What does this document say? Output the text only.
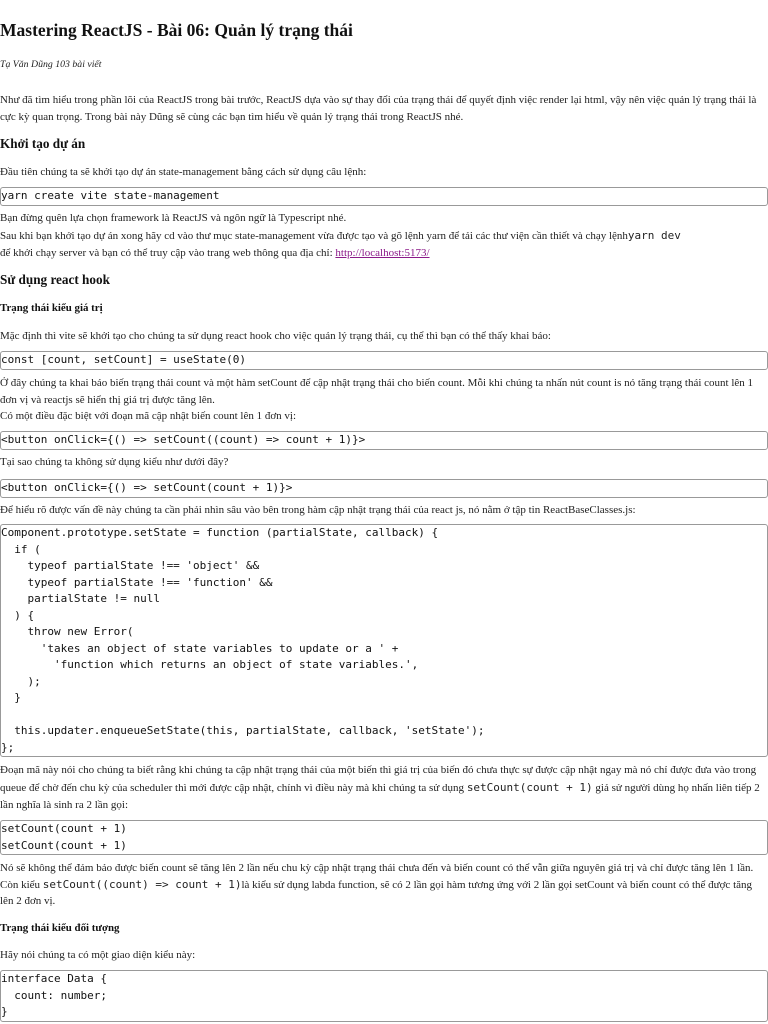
Mastering ReactJS - Bài 06: Quản lý trạng thái
Tạ Văn Dũng 103 bài viết

Như đã tìm hiểu trong phần lõi của ReactJS trong bài trước, ReactJS dựa vào sự thay đổi của trạng thái để quyết định việc render lại html, vậy nên việc quản lý trạng thái là cực kỳ quan trọng. Trong bài này Dũng sẽ cùng các bạn tìm hiểu về quản lý trạng thái trong ReactJS nhé.

Khởi tạo dự án

Đầu tiên chúng ta sẽ khởi tạo dự án state-management bằng cách sử dụng câu lệnh:

yarn create vite state-management

Bạn đừng quên lựa chọn framework là ReactJS và ngôn ngữ là Typescript nhé.
Sau khi bạn khởi tạo dự án xong hãy cd vào thư mục state-management vừa được tạo và gõ lệnh yarn để tải các thư viện cần thiết và chạy lệnhyarn dev
để khởi chạy server và bạn có thể truy cập vào trang web thông qua địa chỉ: http://localhost:5173/

Sử dụng react hook
Trạng thái kiểu giá trị

Mặc định thì vite sẽ khởi tạo cho chúng ta sử dụng react hook cho việc quản lý trạng thái, cụ thể thì bạn có thể thấy khai báo:

const [count, setCount] = useState(0)

Ở đây chúng ta khai báo biến trạng thái count và một hàm setCount để cập nhật trạng thái cho biến count. Mỗi khi chúng ta nhấn nút count is nó tăng trạng thái count lên 1 đơn vị và reactjs sẽ hiển thị giá trị được tăng lên.
Có một điều đặc biệt với đoạn mã cập nhật biến count lên 1 đơn vị:

<button onClick={() => setCount((count) => count + 1)}>

Tại sao chúng ta không sử dụng kiểu như dưới đây?

<button onClick={() => setCount(count + 1)}>

Để hiểu rõ được vấn đề này chúng ta cần phải nhìn sâu vào bên trong hàm cập nhật trạng thái của react js, nó nằm ở tập tin ReactBaseClasses.js:

Component.prototype.setState = function (partialState, callback) {
if (
typeof partialState !== 'object' &&
typeof partialState !== 'function' &&
partialState != null
) {
throw new Error(
'takes an object of state variables to update or a ' +
'function which returns an object of state variables.',
);
}

this.updater.enqueueSetState(this, partialState, callback, 'setState');
};

Đoạn mã này nói cho chúng ta biết rằng khi chúng ta cập nhật trạng thái của một biến thì giá trị của biến đó chưa thực sự được cập nhật ngay mà nó chỉ được đưa vào trong queue để chờ đến chu kỳ của scheduler thì mới được cập nhật, chính vì điều này mà khi chúng ta sử dụng setCount(count + 1) giả sử người dùng họ nhấn liên tiếp 2 lần nghĩa là sinh ra 2 lần gọi:

setCount(count + 1)
setCount(count + 1)

Nó sẽ không thể đảm bảo được biến count sẽ tăng lên 2 lần nếu chu kỳ cập nhật trạng thái chưa đến và biến count có thể vẫn giữa nguyên giá trị và chỉ được tăng lên 1 lần.
Còn kiểu setCount((count) => count + 1)là kiểu sử dụng labda function, sẽ có 2 lần gọi hàm tương ứng với 2 lần gọi setCount và biến count có thể được tăng lên 2 đơn vị.

Trạng thái kiểu đối tượng

Hãy nói chúng ta có một giao diện kiểu này:

interface Data {
count: number;
}
